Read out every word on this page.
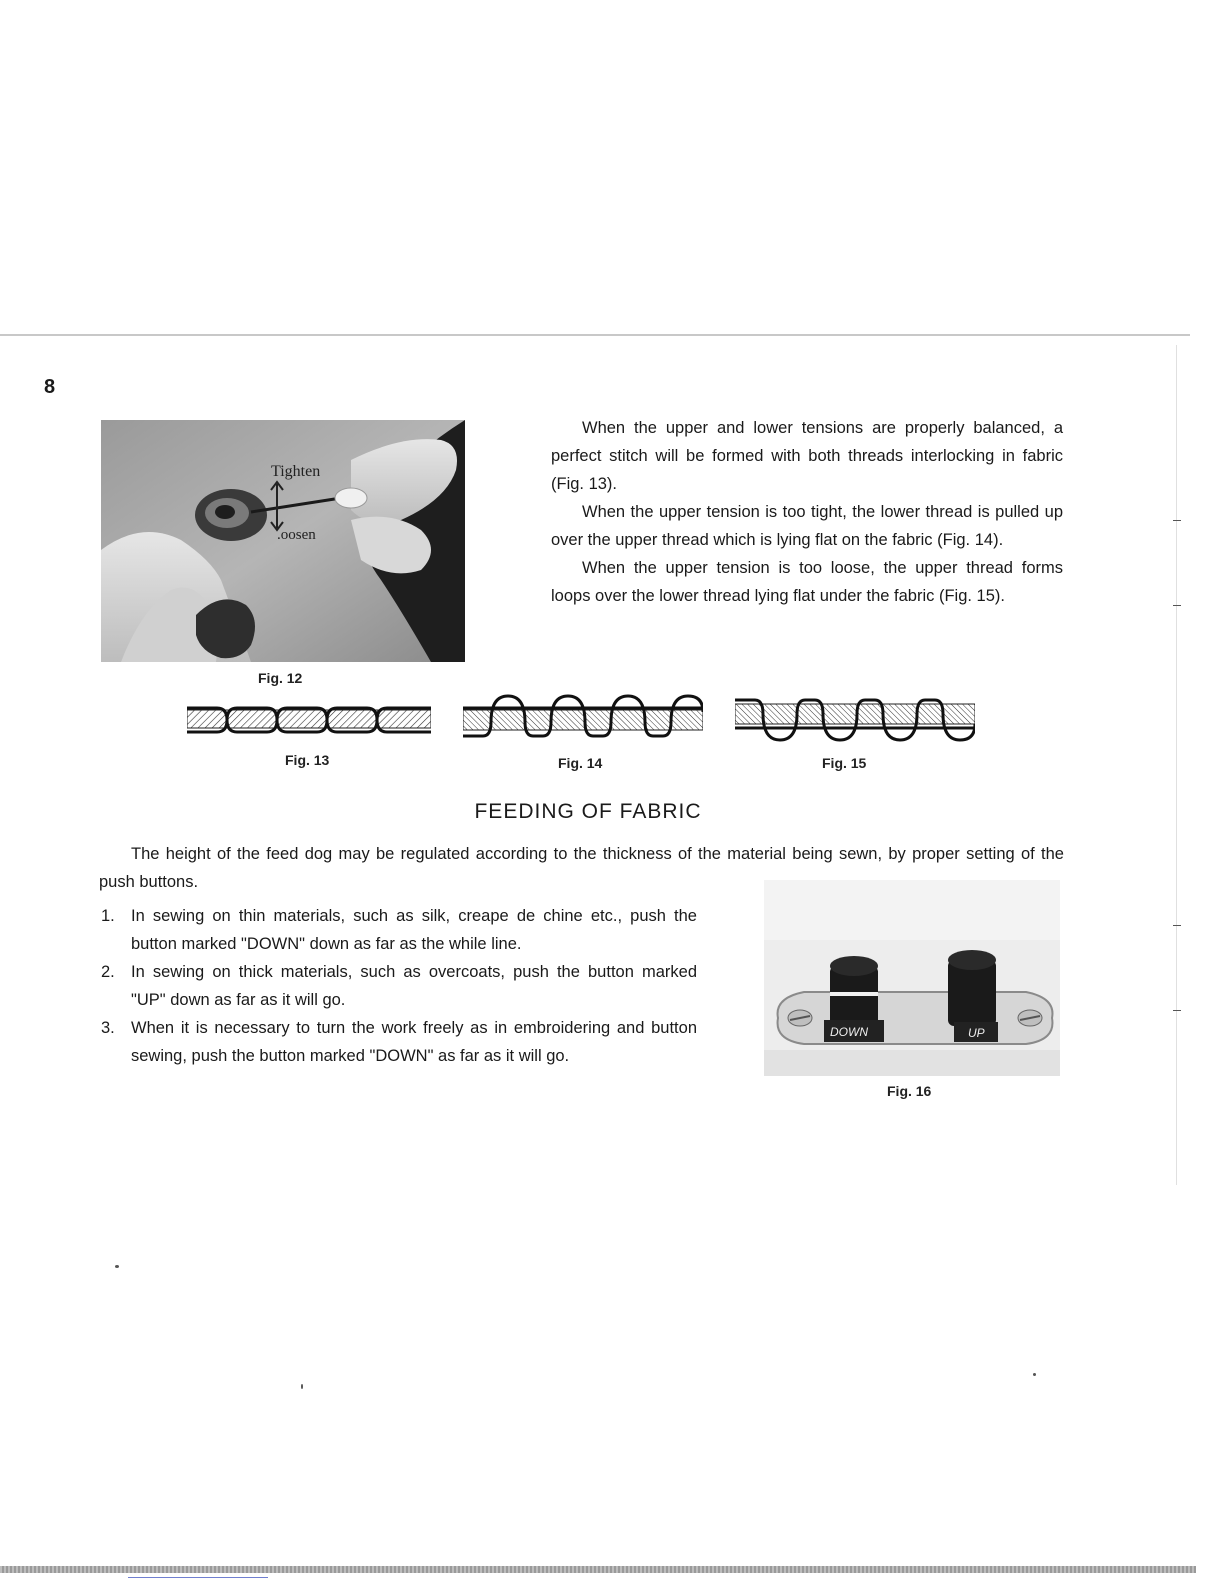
8
Tighten
.oosen
Fig. 12

When the upper and lower tensions are properly balanced, a perfect stitch will be formed with both threads interlocking in fabric (Fig. 13).

When the upper tension is too tight, the lower thread is pulled up over the upper thread which is lying flat on the fabric (Fig. 14).

When the upper tension is too loose, the upper thread forms loops over the lower thread lying flat under the fabric (Fig. 15).

Fig. 13	Fig. 14	Fig. 15
FEEDING OF FABRIC

The height of the feed dog may be regulated according to the thickness of the material being sewn, by proper setting of the push buttons.

1. In sewing on thin materials, such as silk, creape de chine etc., push the button marked "DOWN" down as far as the while line.
2. In sewing on thick materials, such as overcoats, push the button marked "UP" down as far as it will go.
3. When it is necessary to turn the work freely as in embroidering and button sewing, push the button marked "DOWN" as far as it will go.
DOWN	UP
Fig. 16
